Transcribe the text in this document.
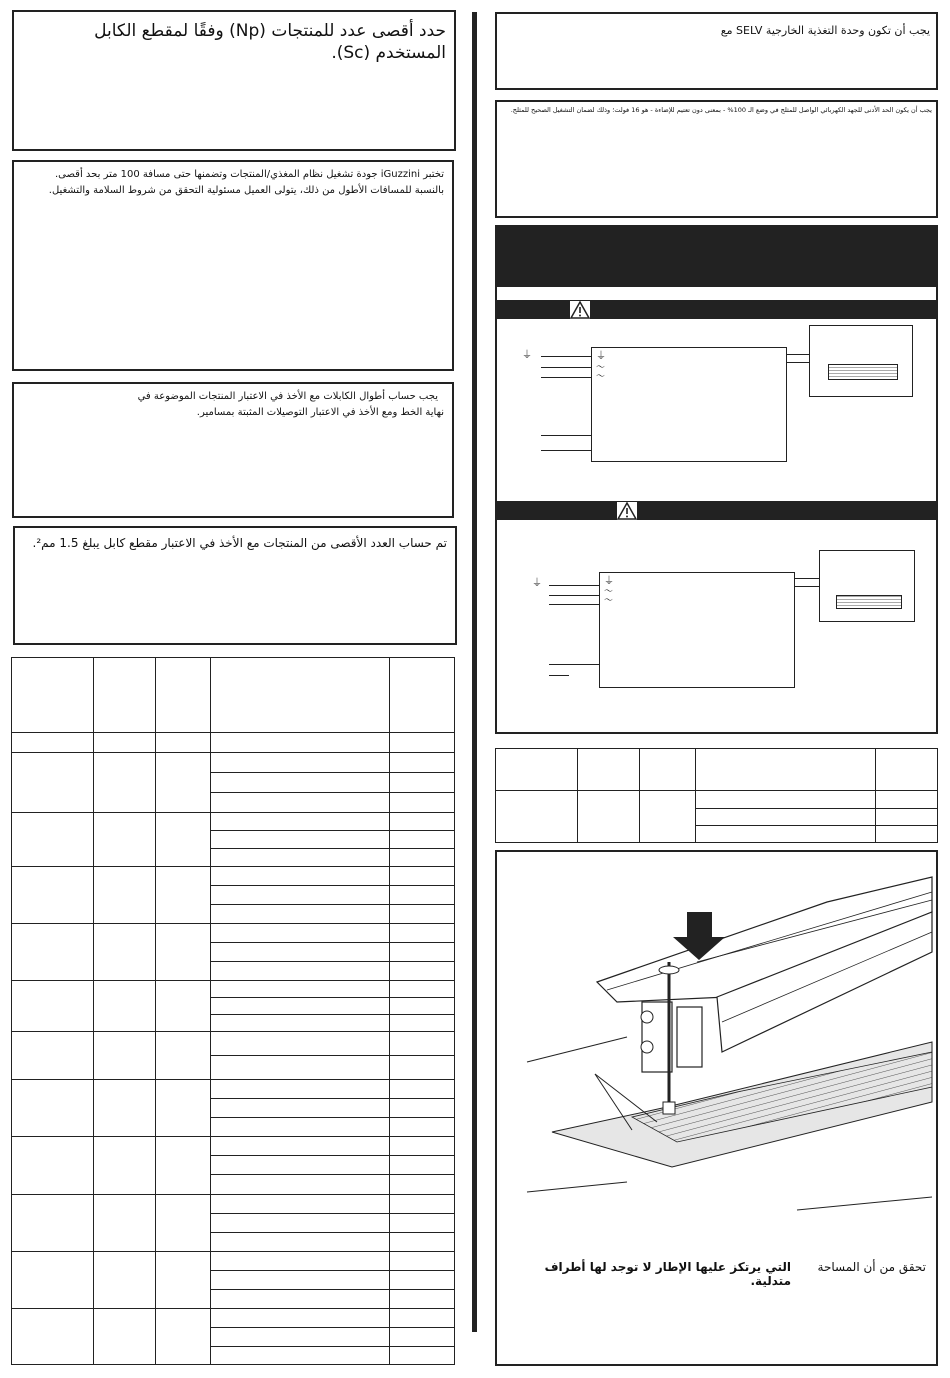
حدد أقصى عدد للمنتجات (Np) وفقًا لمقطع الكابل المستخدم (Sc).
تختبر iGuzzini جودة تشغيل نظام المغذي/المنتجات وتضمنها حتى مسافة 100 متر بحد أقصى.
بالنسبة للمسافات الأطول من ذلك، يتولى العميل مسئولية التحقق من شروط السلامة والتشغيل.
يجب حساب أطوال الكابلات مع الأخذ في الاعتبار المنتجات الموضوعة في
نهاية الخط ومع الأخذ في الاعتبار التوصيلات المثبتة بمسامير.
تم حساب العدد الأقصى من المنتجات مع الأخذ في الاعتبار مقطع كابل يبلغ 1.5 مم².

يجب أن تكون وحدة التغذية الخارجية SELV مع
يجب أن يكون الحد الأدنى للجهد الكهربائي الواصل للمثلج في وضع الـ 100% - بمعنى دون تعتيم للإضاءة - هو 16 فولت؛ وذلك لضمان التشغيل الصحيح للمثلج.
⏚	⏚
〜
〜
⏚	⏚
〜
〜

تحقق من أن المساحة
التي يرتكز عليها الإطار لا توجد لها أطراف متدلية.
